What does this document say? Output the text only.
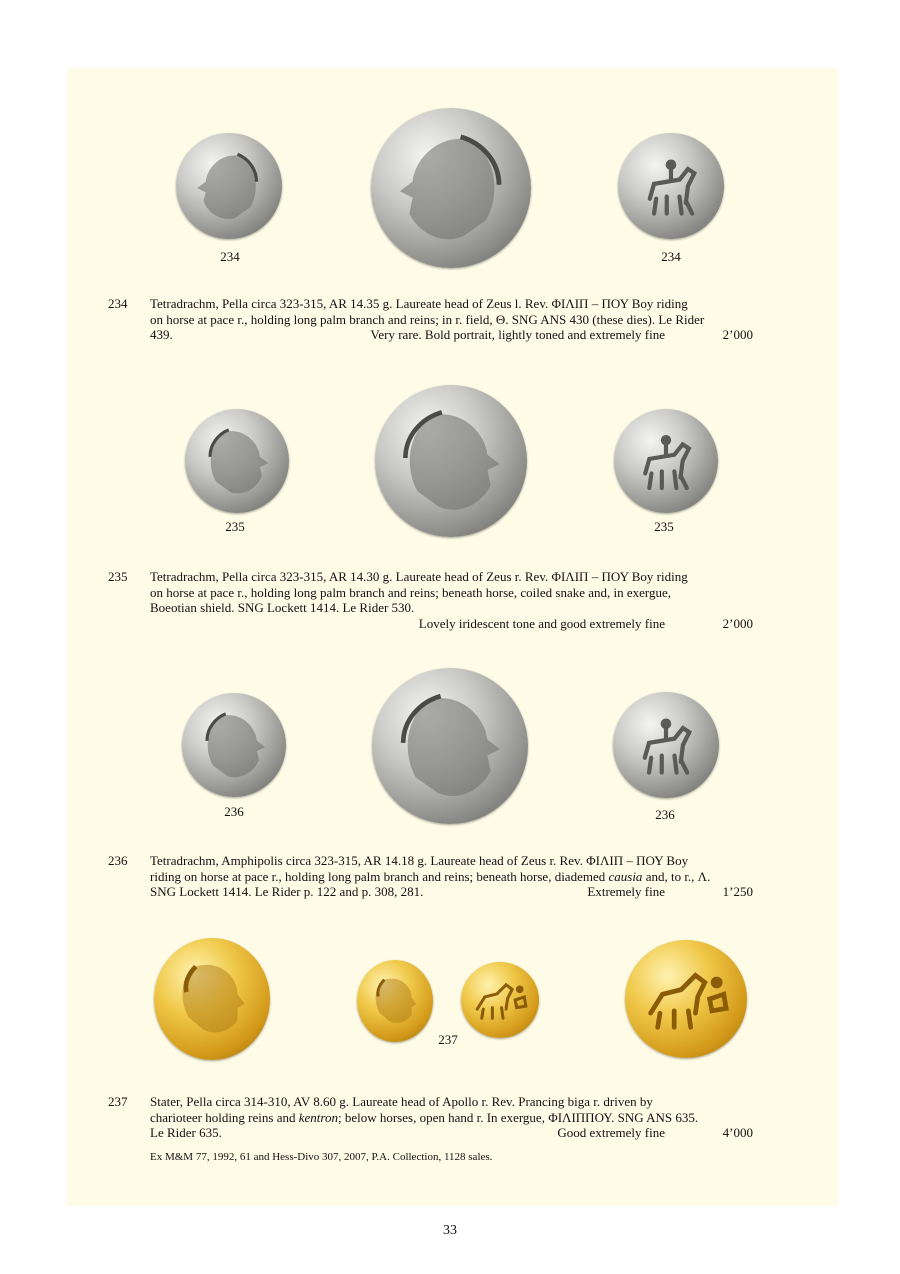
234	234
234 Tetradrachm, Pella circa 323-315, AR 14.35 g. Laureate head of Zeus l. Rev. ΦΙΛΙΠ – ΠΟΥ Boy riding
on horse at pace r., holding long palm branch and reins; in r. field, Θ. SNG ANS 430 (these dies). Le Rider
439.	Very rare. Bold portrait, lightly toned and extremely fine	2’000
235	235
235 Tetradrachm, Pella circa 323-315, AR 14.30 g. Laureate head of Zeus r. Rev. ΦΙΛΙΠ – ΠΟΥ Boy riding
on horse at pace r., holding long palm branch and reins; beneath horse, coiled snake and, in exergue,
Boeotian shield. SNG Lockett 1414. Le Rider 530.
Lovely iridescent tone and good extremely fine	2’000
236	236
236 Tetradrachm, Amphipolis circa 323-315, AR 14.18 g. Laureate head of Zeus r. Rev. ΦΙΛΙΠ – ΠΟΥ Boy
riding on horse at pace r., holding long palm branch and reins; beneath horse, diademed causia and, to r., Λ.
SNG Lockett 1414. Le Rider p. 122 and p. 308, 281.	Extremely fine	1’250
237
237 Stater, Pella circa 314-310, AV 8.60 g. Laureate head of Apollo r. Rev. Prancing biga r. driven by
charioteer holding reins and kentron; below horses, open hand r. In exergue, ΦΙΛΙΠΠΟΥ. SNG ANS 635.
Le Rider 635.	Good extremely fine	4’000
Ex M&M 77, 1992, 61 and Hess-Divo 307, 2007, P.A. Collection, 1128 sales.
33
